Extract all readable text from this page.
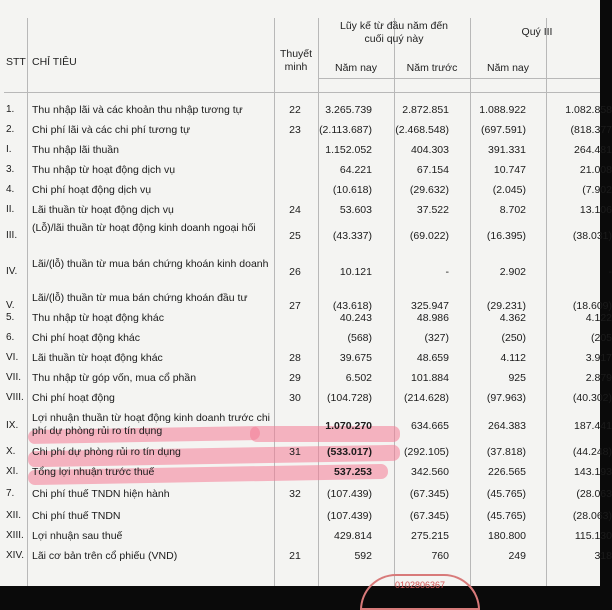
STT CHỈ TIÊU
Thuyết
minh
Lũy kế từ đầu năm đến
cuối quý này
Quý III
Năm nay	Năm trước	Năm nay
1. Thu nhập lãi và các khoản thu nhập tương tự	22	3.265.739	2.872.851	1.088.922	1.082.858
2. Chi phí lãi và các chi phí tương tự	23	(2.113.687) (2.468.548)	(697.591)	(818.377
I. Thu nhập lãi thuần	1.152.052	404.303	391.331	264.481
3. Thu nhập từ hoạt động dịch vụ	64.221	67.154	10.747	21.008
4. Chi phí hoạt động dịch vụ	(10.618)	(29.632)	(2.045)	(7.902
II. Lãi thuần từ hoạt động dịch vụ	24	53.603	37.522	8.702	13.106
III.
(Lỗ)/lãi thuần từ hoạt động kinh doanh ngoại hối
25	(43.337)	(69.022)	(16.395)	(38.031)
IV.
Lãi/(lỗ) thuần từ mua bán chứng khoán kinh doanh
26	10.121	-	2.902	-
V.
Lãi/(lỗ) thuần từ mua bán chứng khoán đầu tư
27	(43.618)	325.947	(29.231)	(18.609)
5. Thu nhập từ hoạt động khác	40.243	48.986	4.362	4.122
6. Chi phí hoạt động khác	(568)	(327)	(250)	(205
VI. Lãi thuần từ hoạt động khác	28	39.675	48.659	4.112	3.917
VII. Thu nhập từ góp vốn, mua cổ phần	29	6.502	101.884	925	2.879
VIII. Chi phí hoạt động	30	(104.728)	(214.628)	(97.963)	(40.302)
IX.
Lợi nhuận thuần từ hoạt động kinh doanh trước chi phí dự phòng rủi ro tín dụng	1.070.270	634.665	264.383	187.441
X. Chi phí dự phòng rủi ro tín dụng	31	(533.017)	(292.105)	(37.818)	(44.248)
XI. Tổng lợi nhuận trước thuế	537.253	342.560	226.565	143.193
7. Chi phí thuế TNDN hiện hành	32	(107.439)	(67.345)	(45.765)	(28.063
XII. Chi phí thuế TNDN	(107.439)	(67.345)	(45.765)	(28.063)
XIII. Lợi nhuận sau thuế	429.814	275.215	180.800	115.130
XIV. Lãi cơ bản trên cổ phiếu (VND)	21	592	760	249	318
0102806367
